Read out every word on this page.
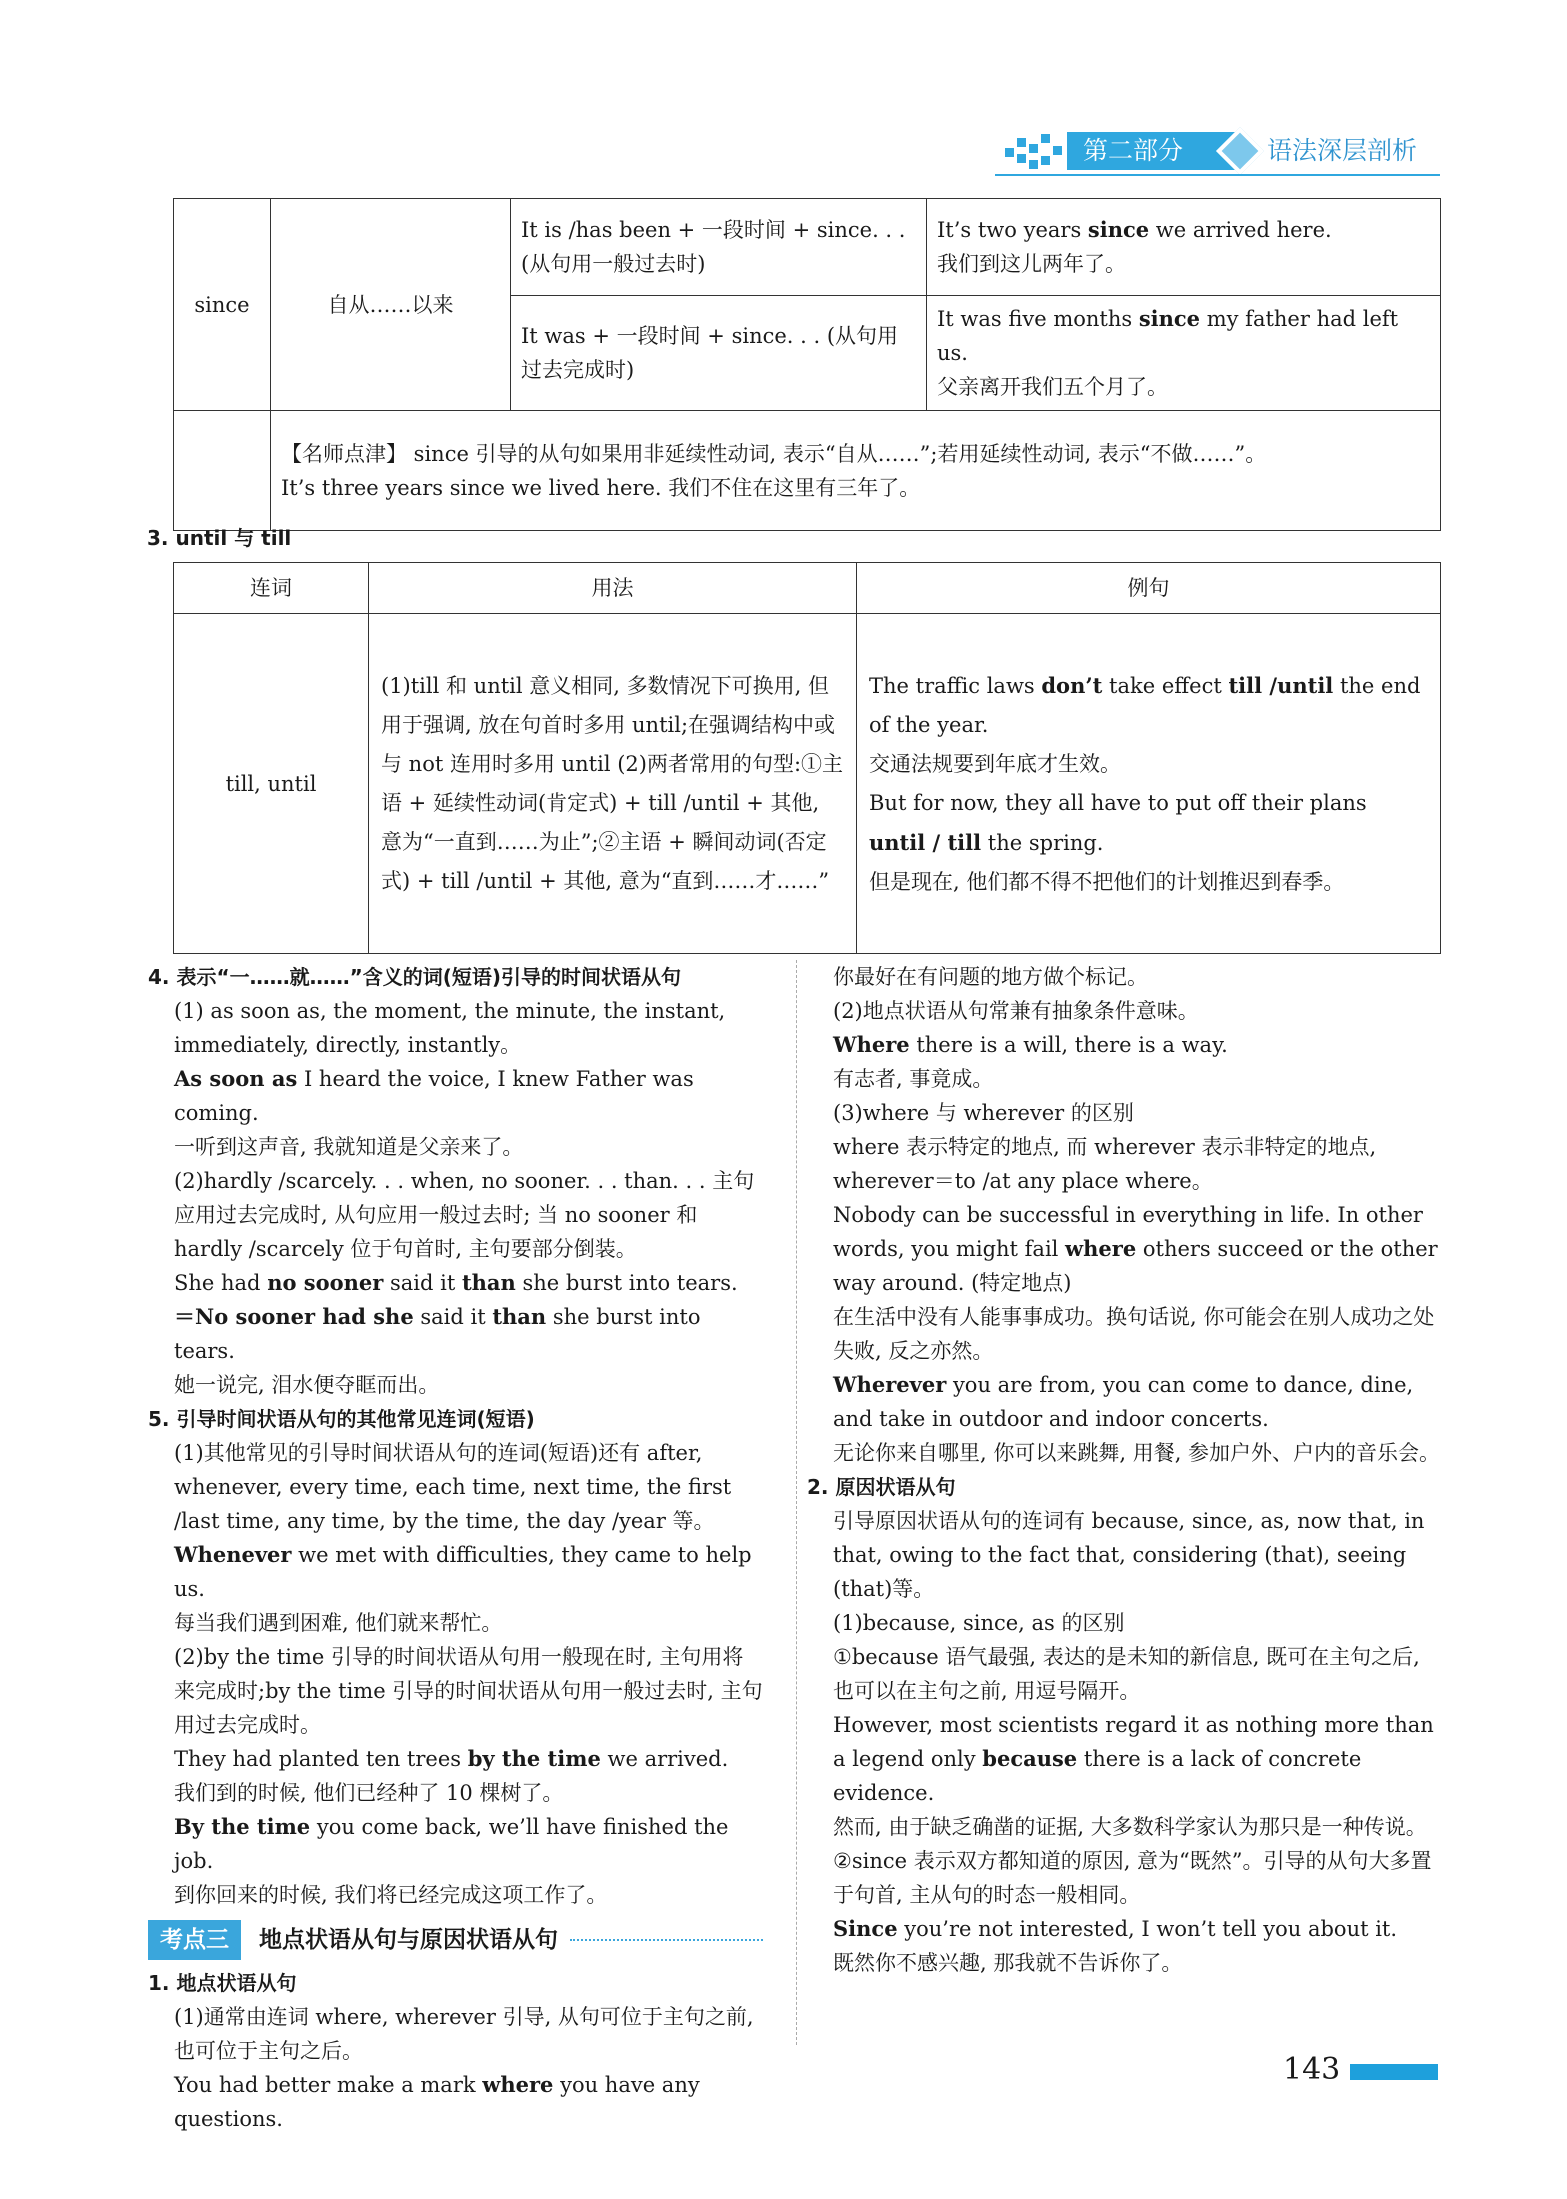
第二部分	语法深层剖析
since	自从……以来	It is /has been + 一段时间 + since. . . (从句用一般过去时)	It’s two years since we arrived here.
我们到这儿两年了。
		It was + 一段时间 + since. . . (从句用过去完成时)	It was five months since my father had left us.
父亲离开我们五个月了。

	【名师点津】 since 引导的从句如果用非延续性动词, 表示“自从……”;若用延续性动词, 表示“不做……”。
It’s three years since we lived here. 我们不住在这里有三年了。		
3. until 与 till
连词	用法	例句
till, until	(1)till 和 until 意义相同, 多数情况下可换用, 但用于强调, 放在句首时多用 until;在强调结构中或与 not 连用时多用 until (2)两者常用的句型:①主语 + 延续性动词(肯定式) + till /until + 其他, 意为“一直到……为止”;②主语 + 瞬间动词(否定式) + till /until + 其他, 意为“直到……才……”	The traffic laws don’t take effect till /until the end of the year.
交通法规要到年底才生效。
But for now, they all have to put off their plans until / till the spring.
但是现在, 他们都不得不把他们的计划推迟到春季。

4. 表示“一……就……”含义的词(短语)引导的时间状语从句

(1) as soon as, the moment, the minute, the instant, immediately, directly, instantly。

As soon as I heard the voice, I knew Father was coming.

一听到这声音, 我就知道是父亲来了。

(2)hardly /scarcely. . . when, no sooner. . . than. . . 主句应用过去完成时, 从句应用一般过去时; 当 no sooner 和 hardly /scarcely 位于句首时, 主句要部分倒装。

She had no sooner said it than she burst into tears.

＝No sooner had she said it than she burst into tears.

她一说完, 泪水便夺眶而出。

5. 引导时间状语从句的其他常见连词(短语)

(1)其他常见的引导时间状语从句的连词(短语)还有 after, whenever, every time, each time, next time, the first /last time, any time, by the time, the day /year 等。

Whenever we met with difficulties, they came to help us.

每当我们遇到困难, 他们就来帮忙。

(2)by the time 引导的时间状语从句用一般现在时, 主句用将来完成时;by the time 引导的时间状语从句用一般过去时, 主句用过去完成时。

They had planted ten trees by the time we arrived.

我们到的时候, 他们已经种了 10 棵树了。

By the time you come back, we’ll have finished the job.

到你回来的时候, 我们将已经完成这项工作了。

考点三	地点状语从句与原因状语从句

1. 地点状语从句

(1)通常由连词 where, wherever 引导, 从句可位于主句之前, 也可位于主句之后。

You had better make a mark where you have any questions.

你最好在有问题的地方做个标记。

(2)地点状语从句常兼有抽象条件意味。

Where there is a will, there is a way.

有志者, 事竟成。

(3)where 与 wherever 的区别

where 表示特定的地点, 而 wherever 表示非特定的地点, wherever＝to /at any place where。

Nobody can be successful in everything in life. In other words, you might fail where others succeed or the other way around. (特定地点)

在生活中没有人能事事成功。换句话说, 你可能会在别人成功之处失败, 反之亦然。

Wherever you are from, you can come to dance, dine, and take in outdoor and indoor concerts.

无论你来自哪里, 你可以来跳舞, 用餐, 参加户外、户内的音乐会。

2. 原因状语从句

引导原因状语从句的连词有 because, since, as, now that, in that, owing to the fact that, considering (that), seeing (that)等。

(1)because, since, as 的区别

①because 语气最强, 表达的是未知的新信息, 既可在主句之后, 也可以在主句之前, 用逗号隔开。

However, most scientists regard it as nothing more than a legend only because there is a lack of concrete evidence.

然而, 由于缺乏确凿的证据, 大多数科学家认为那只是一种传说。

②since 表示双方都知道的原因, 意为“既然”。引导的从句大多置于句首, 主从句的时态一般相同。

Since you’re not interested, I won’t tell you about it.

既然你不感兴趣, 那我就不告诉你了。

143
